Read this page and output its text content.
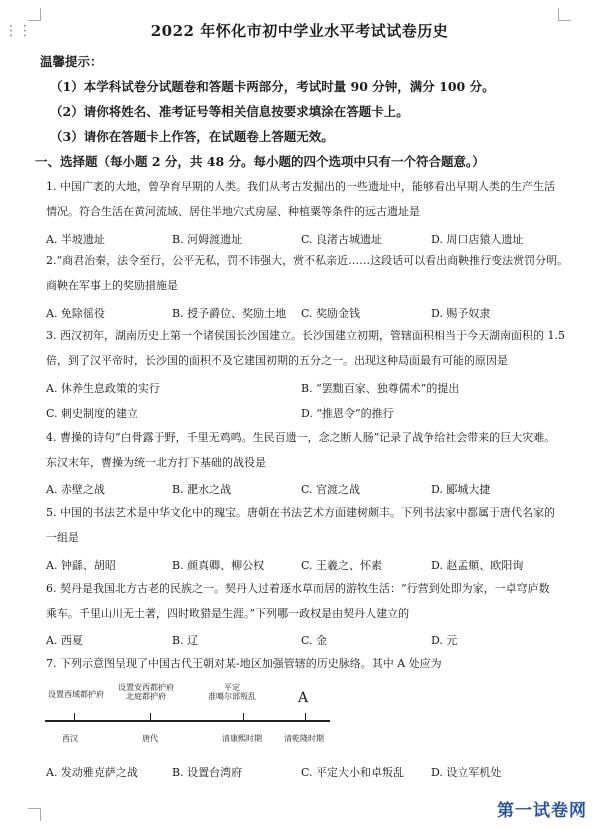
⋮⋮	2022 年怀化市初中学业水平考试试卷历史
温馨提示：
（1）本学科试卷分试题卷和答题卡两部分，考试时量 90 分钟，满分 100 分。
（2）请你将姓名、准考证号等相关信息按要求填涂在答题卡上。
（3）请你在答题卡上作答，在试题卷上答题无效。
一、选择题（每小题 2 分，共 48 分。每小题的四个选项中只有一个符合题意。）
1. 中国广袤的大地，曾孕育早期的人类。我们从考古发掘出的一些遗址中，能够看出早期人类的生产生活
情况。符合生活在黄河流域、居住半地穴式房屋、种植粟等条件的远古遗址是
A. 半坡遗址	B. 河姆渡遗址	C. 良渚古城遗址	D. 周口店猿人遗址
2.“商君治秦，法令至行，公平无私，罚不讳强大，赏不私亲近……这段话可以看出商鞅推行变法赏罚分明。
商鞅在军事上的奖励措施是
A. 免除徭役	B. 授予爵位、奖励土地 C. 奖励金钱	D. 赐予奴隶
3. 西汉初年，湖南历史上第一个诸侯国长沙国建立。长沙国建立初期，管辖面积相当于今天湖南面积的 1.5
倍，到了汉平帝时，长沙国的面积不及它建国初期的五分之一。出现这种局面最有可能的原因是
A. 休养生息政策的实行	B. “罢黜百家、独尊儒术”的提出
C. 刺史制度的建立	D. “推恩令”的推行
4. 曹操的诗句“白骨露于野，千里无鸡鸣。生民百遗一，念之断人肠”记录了战争给社会带来的巨大灾难。
东汉末年，曹操为统一北方打下基础的战役是
A. 赤壁之战	B. 淝水之战	C. 官渡之战	D. 郾城大捷
5. 中国的书法艺术是中华文化中的瑰宝。唐朝在书法艺术方面建树颇丰。下列书法家中都属于唐代名家的
一组是
A. 钟繇、胡昭	B. 颜真卿、柳公权	C. 王羲之、怀素	D. 赵孟頫、欧阳询
6. 契丹是我国北方古老的民族之一。契丹人过着逐水草而居的游牧生活：“行营到处即为家，一卓穹庐数
乘车。千里山川无土著，四时畋猎是生涯。”下列哪一政权是由契丹人建立的
A. 西夏	B. 辽	C. 金	D. 元
7. 下列示意图呈现了中国古代王朝对某-地区加强管辖的历史脉络。其中 A 处应为
设置西域都护府
设置安西都护府
北庭都护府
平定
准噶尔部叛乱	A
西汉	唐代	清康熙时期	清乾隆时期
A. 发动雅克萨之战	B. 设置台湾府	C. 平定大小和卓叛乱 D. 设立军机处
第一试卷网
